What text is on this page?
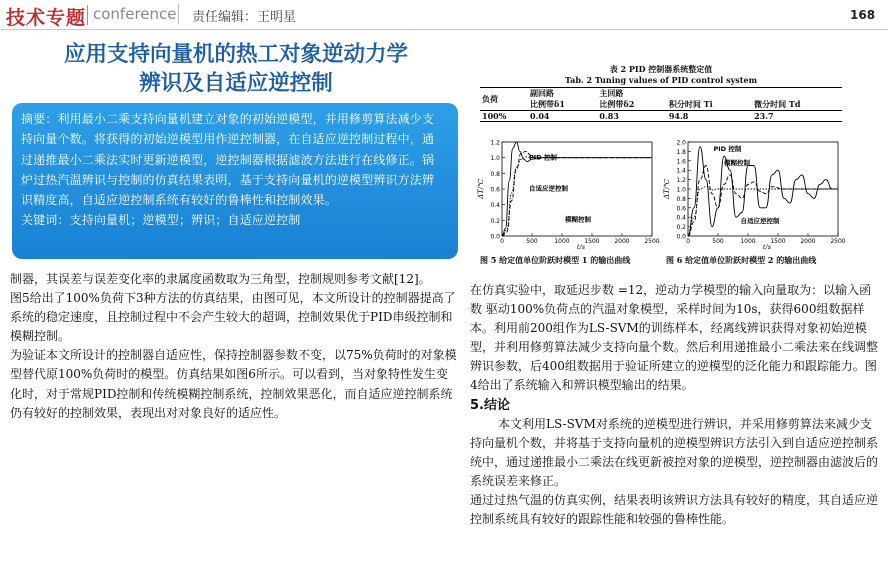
技术专题 conference 责任编辑：王明星	168
应用支持向量机的热工对象逆动力学
辨识及自适应逆控制
摘要：利用最小二乘支持向量机建立对象的初始逆模型，并用修剪算法减少支持向量个数。将获得的初始逆模型用作逆控制器，在自适应逆控制过程中，通过递推最小二乘法实时更新逆模型，逆控制器根据滤波方法进行在线修正。锅炉过热汽温辨识与控制的仿真结果表明，基于支持向量机的逆模型辨识方法辨识精度高，自适应逆控制系统有较好的鲁棒性和控制效果。
关键词：支持向量机；逆模型；辨识；自适应逆控制

制器，其误差与误差变化率的隶属度函数取为三角型，控制规则参考文献[12]。

图5给出了100%负荷下3种方法的仿真结果，由图可见，本文所设计的控制器提高了系统的稳定速度，且控制过程中不会产生较大的超调，控制效果优于PID串级控制和模糊控制。

为验证本文所设计的控制器自适应性，保持控制器参数不变，以75%负荷时的对象模型替代原100%负荷时的模型。仿真结果如图6所示。可以看到，当对象特性发生变化时，对于常规PID控制和传统模糊控制系统，控制效果恶化，而自适应逆控制系统仍有较好的控制效果，表现出对对象良好的适应性。

表 2 PID 控制器系统整定值
Tab. 2 Tuning values of PID control system
负荷	副回路	主回路		
	比例带δ1	比例带δ2	积分时间 Ti	微分时间 Td
100%	0.04	0.83	94.8	23.7
0.0
0.2
0.4
0.6
0.8
1.0
1.2
0	500	1000 1500 2000 2500
t/s
ΔT/℃
PID 控制
模糊控制
自适应逆控制
0.0
0.2
0.4
0.6
0.8
1.0
1.2
1.4
1.6
1.8
2.0
0	500	1000 1500 2000 2500
t/s
ΔT/℃
PID 控制
模糊控制
自适应逆控制
图 5 给定值单位阶跃时模型 1 的输出曲线	图 6 给定值单位阶跃时模型 2 的输出曲线

在仿真实验中，取延迟步数 =12，逆动力学模型的输入向量取为：以输入函数 驱动100%负荷点的汽温对象模型，采样时间为10s，获得600组数据样本。利用前200组作为LS-SVM的训练样本，经离线辨识获得对象初始逆模型，并利用修剪算法减少支持向量个数。然后利用递推最小二乘法来在线调整辨识参数，后400组数据用于验证所建立的逆模型的泛化能力和跟踪能力。图4给出了系统输入和辨识模型输出的结果。

5.结论

本文利用LS-SVM对系统的逆模型进行辨识，并采用修剪算法来减少支持向量机个数，并将基于支持向量机的逆模型辨识方法引入到自适应逆控制系统中，通过递推最小二乘法在线更新被控对象的逆模型，逆控制器由滤波后的系统误差来修正。

通过过热气温的仿真实例，结果表明该辨识方法具有较好的精度，其自适应逆控制系统具有较好的跟踪性能和较强的鲁棒性能。
